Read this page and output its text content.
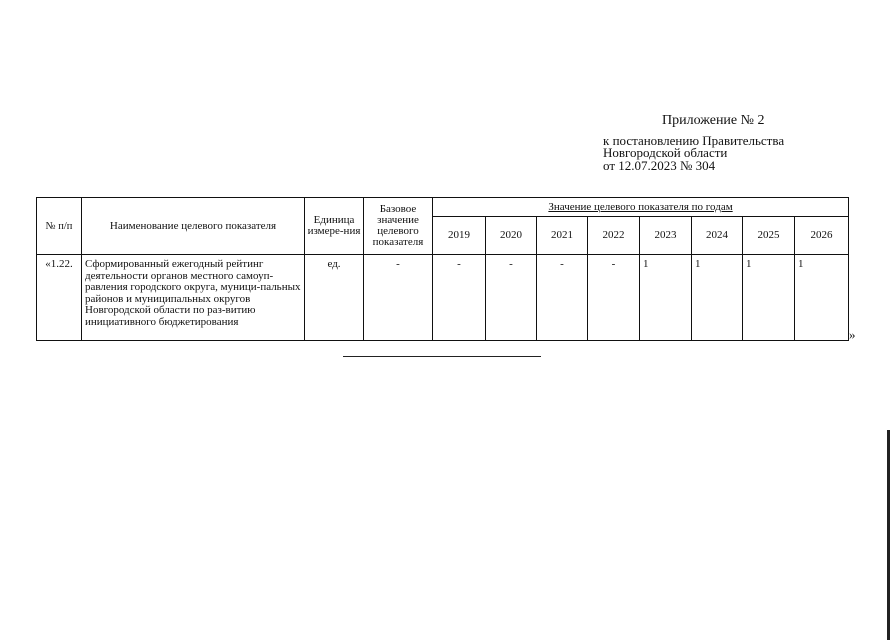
Приложение № 2
к постановлению Правительства
Новгородской области
от 12.07.2023 № 304
№ п/п	Наименование целевого показателя	Единица измере-ния	Базовое значение целевого показателя	Значение целевого показателя по годам							
				2019	2020	2021	2022	2023	2024	2025	2026
«1.22.	Сформированный ежегодный рейтинг деятельности органов местного самоуп-равления городского округа, муници-пальных районов и муниципальных округов Новгородской области по раз-витию инициативного бюджетирования	ед.	-	-	-	-	-	1	1	1	1
»
